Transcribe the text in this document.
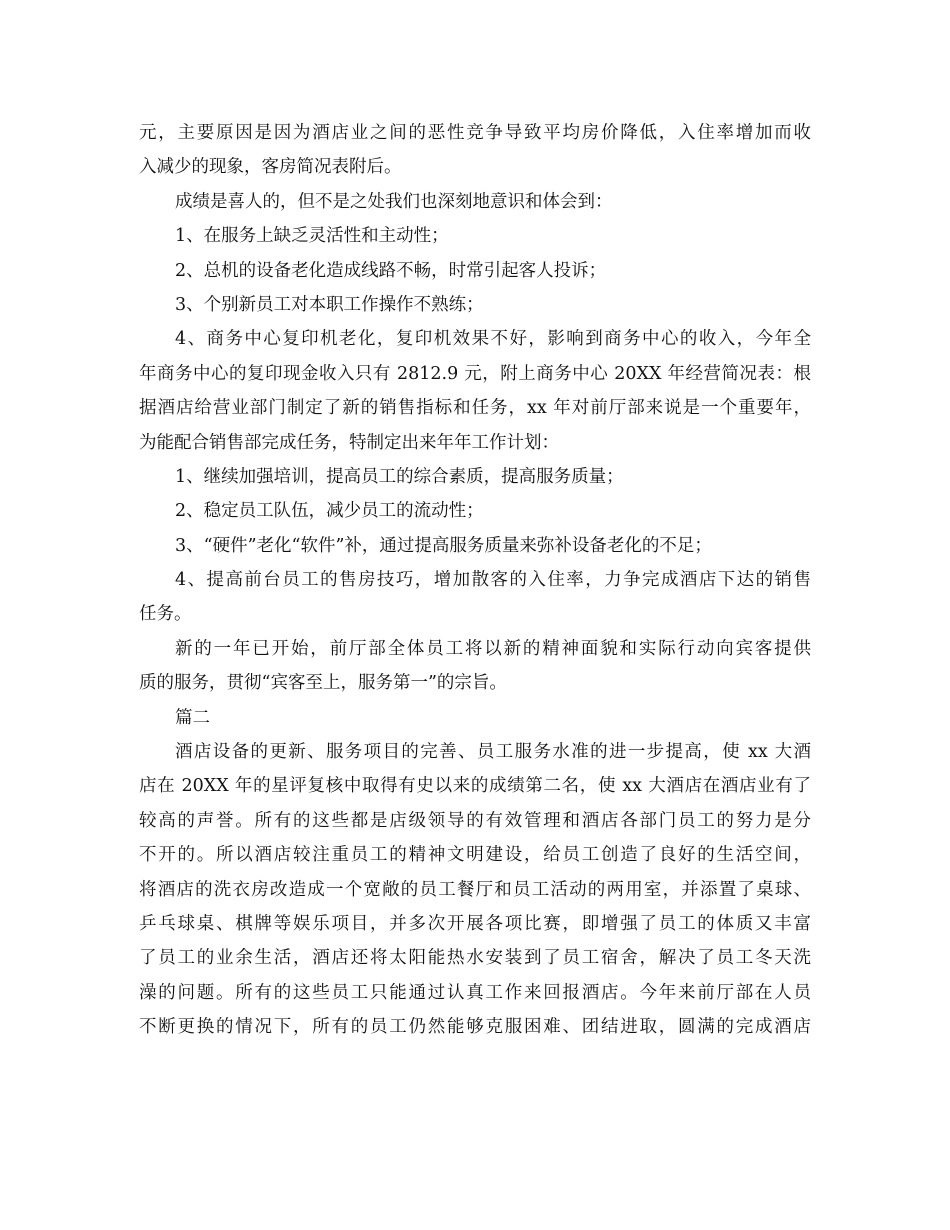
元，主要原因是因为酒店业之间的恶性竞争导致平均房价降低，入住率增加而收
入减少的现象，客房简况表附后。
成绩是喜人的，但不是之处我们也深刻地意识和体会到：
1、在服务上缺乏灵活性和主动性；
2、总机的设备老化造成线路不畅，时常引起客人投诉；
3、个别新员工对本职工作操作不熟练；
4、商务中心复印机老化，复印机效果不好，影响到商务中心的收入，今年全
年商务中心的复印现金收入只有 2812.9 元，附上商务中心 20XX 年经营简况表：根
据酒店给营业部门制定了新的销售指标和任务，xx 年对前厅部来说是一个重要年，
为能配合销售部完成任务，特制定出来年年工作计划：
1、继续加强培训，提高员工的综合素质，提高服务质量；
2、稳定员工队伍，减少员工的流动性；
3、“硬件”老化“软件”补，通过提高服务质量来弥补设备老化的不足；
4、提高前台员工的售房技巧，增加散客的入住率，力争完成酒店下达的销售
任务。
新的一年已开始，前厅部全体员工将以新的精神面貌和实际行动向宾客提供
质的服务，贯彻“宾客至上，服务第一”的宗旨。
篇二
酒店设备的更新、服务项目的完善、员工服务水准的进一步提高，使 xx 大酒
店在 20XX 年的星评复核中取得有史以来的成绩第二名，使 xx 大酒店在酒店业有了
较高的声誉。所有的这些都是店级领导的有效管理和酒店各部门员工的努力是分
不开的。所以酒店较注重员工的精神文明建设，给员工创造了良好的生活空间，
将酒店的洗衣房改造成一个宽敞的员工餐厅和员工活动的两用室，并添置了桌球、
乒乓球桌、棋牌等娱乐项目，并多次开展各项比赛，即增强了员工的体质又丰富
了员工的业余生活，酒店还将太阳能热水安装到了员工宿舍，解决了员工冬天洗
澡的问题。所有的这些员工只能通过认真工作来回报酒店。今年来前厅部在人员
不断更换的情况下，所有的员工仍然能够克服困难、团结进取，圆满的完成酒店
